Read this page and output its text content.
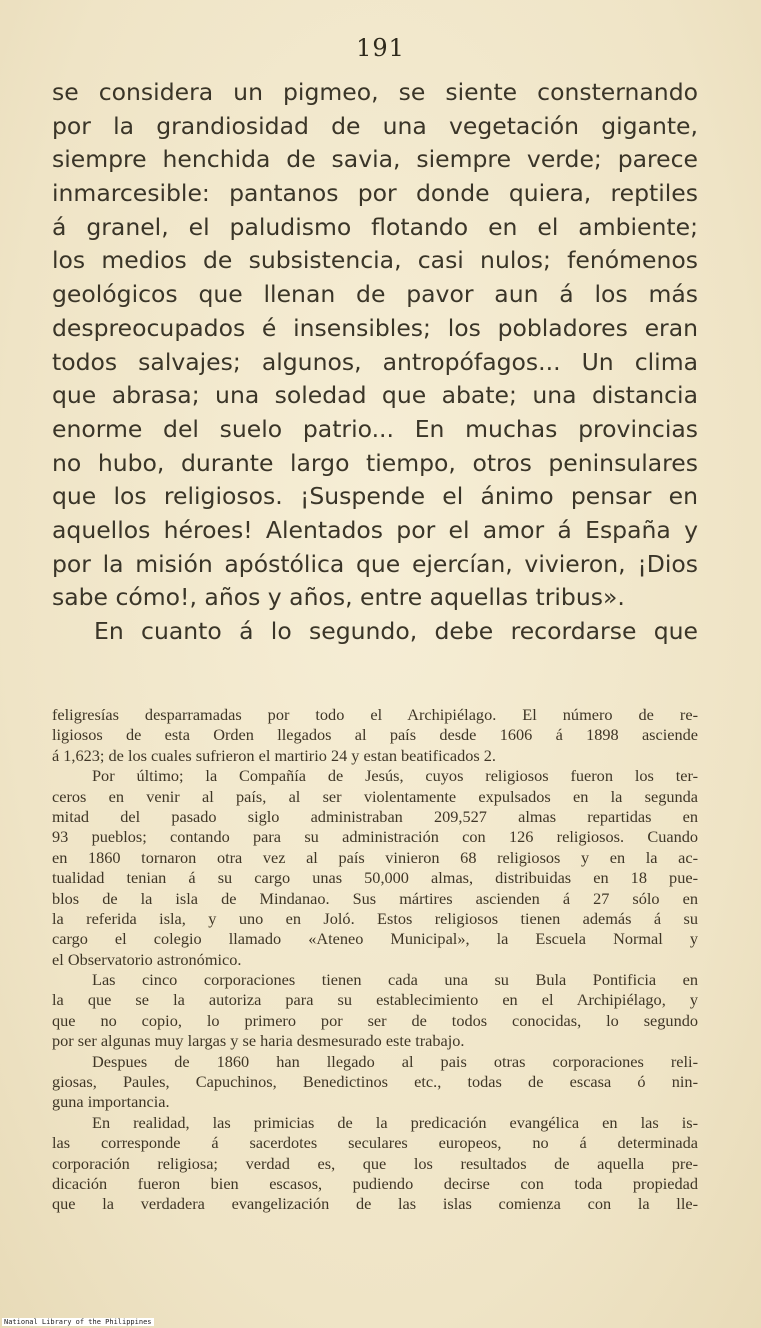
191
se considera un pigmeo, se siente consternando
por la grandiosidad de una vegetación gigante,
siempre henchida de savia, siempre verde; parece
inmarcesible: pantanos por donde quiera, reptiles
á granel, el paludismo flotando en el ambiente;
los medios de subsistencia, casi nulos; fenómenos
geológicos que llenan de pavor aun á los más
despreocupados é insensibles; los pobladores eran
todos salvajes; algunos, antropófagos... Un clima
que abrasa; una soledad que abate; una distancia
enorme del suelo patrio... En muchas provincias
no hubo, durante largo tiempo, otros peninsulares
que los religiosos. ¡Suspende el ánimo pensar en
aquellos héroes! Alentados por el amor á España y
por la misión apóstólica que ejercían, vivieron, ¡Dios
sabe cómo!, años y años, entre aquellas tribus».
En cuanto á lo segundo, debe recordarse que
feligresías desparramadas por todo el Archipiélago. El número de re-
ligiosos de esta Orden llegados al país desde 1606 á 1898 asciende
á 1,623; de los cuales sufrieron el martirio 24 y estan beatificados 2.
Por último; la Compañía de Jesús, cuyos religiosos fueron los ter-
ceros en venir al país, al ser violentamente expulsados en la segunda
mitad del pasado siglo administraban 209,527 almas repartidas en
93 pueblos; contando para su administración con 126 religiosos. Cuando
en 1860 tornaron otra vez al país vinieron 68 religiosos y en la ac-
tualidad tenian á su cargo unas 50,000 almas, distribuidas en 18 pue-
blos de la isla de Mindanao. Sus mártires ascienden á 27 sólo en
la referida isla, y uno en Joló. Estos religiosos tienen además á su
cargo el colegio llamado «Ateneo Municipal», la Escuela Normal y
el Observatorio astronómico.
Las cinco corporaciones tienen cada una su Bula Pontificia en
la que se la autoriza para su establecimiento en el Archipiélago, y
que no copio, lo primero por ser de todos conocidas, lo segundo
por ser algunas muy largas y se haria desmesurado este trabajo.
Despues de 1860 han llegado al pais otras corporaciones reli-
giosas, Paules, Capuchinos, Benedictinos etc., todas de escasa ó nin-
guna importancia.
En realidad, las primicias de la predicación evangélica en las is-
las corresponde á sacerdotes seculares europeos, no á determinada
corporación religiosa; verdad es, que los resultados de aquella pre-
dicación fueron bien escasos, pudiendo decirse con toda propiedad
que la verdadera evangelización de las islas comienza con la lle-
National Library of the Philippines
